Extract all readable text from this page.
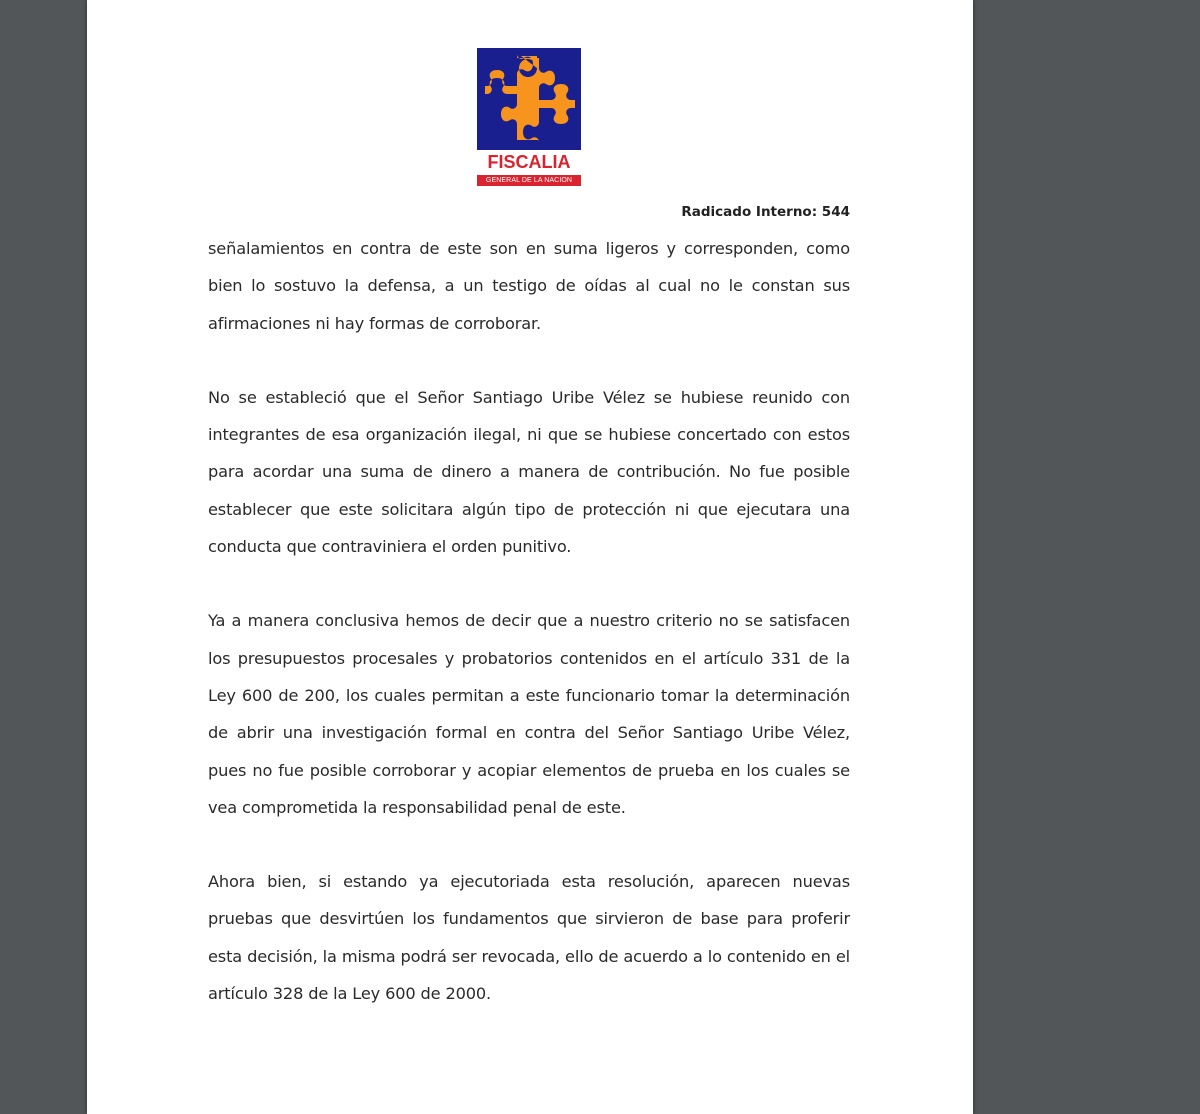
FISCALIA
GENERAL DE LA NACION
Radicado Interno: 544

señalamientos en contra de este son en suma ligeros y corresponden, como bien lo sostuvo la defensa, a un testigo de oídas al cual no le constan sus afirmaciones ni hay formas de corroborar.

No se estableció que el Señor Santiago Uribe Vélez se hubiese reunido con integrantes de esa organización ilegal, ni que se hubiese concertado con estos para acordar una suma de dinero a manera de contribución. No fue posible establecer que este solicitara algún tipo de protección ni que ejecutara una conducta que contraviniera el orden punitivo.

Ya a manera conclusiva hemos de decir que a nuestro criterio no se satisfacen los presupuestos procesales y probatorios contenidos en el artículo 331 de la Ley 600 de 200, los cuales permitan a este funcionario tomar la determinación de abrir una investigación formal en contra del Señor Santiago Uribe Vélez, pues no fue posible corroborar y acopiar elementos de prueba en los cuales se vea comprometida la responsabilidad penal de este.

Ahora bien, si estando ya ejecutoriada esta resolución, aparecen nuevas pruebas que desvirtúen los fundamentos que sirvieron de base para proferir esta decisión, la misma podrá ser revocada, ello de acuerdo a lo contenido en el artículo 328 de la Ley 600 de 2000.
